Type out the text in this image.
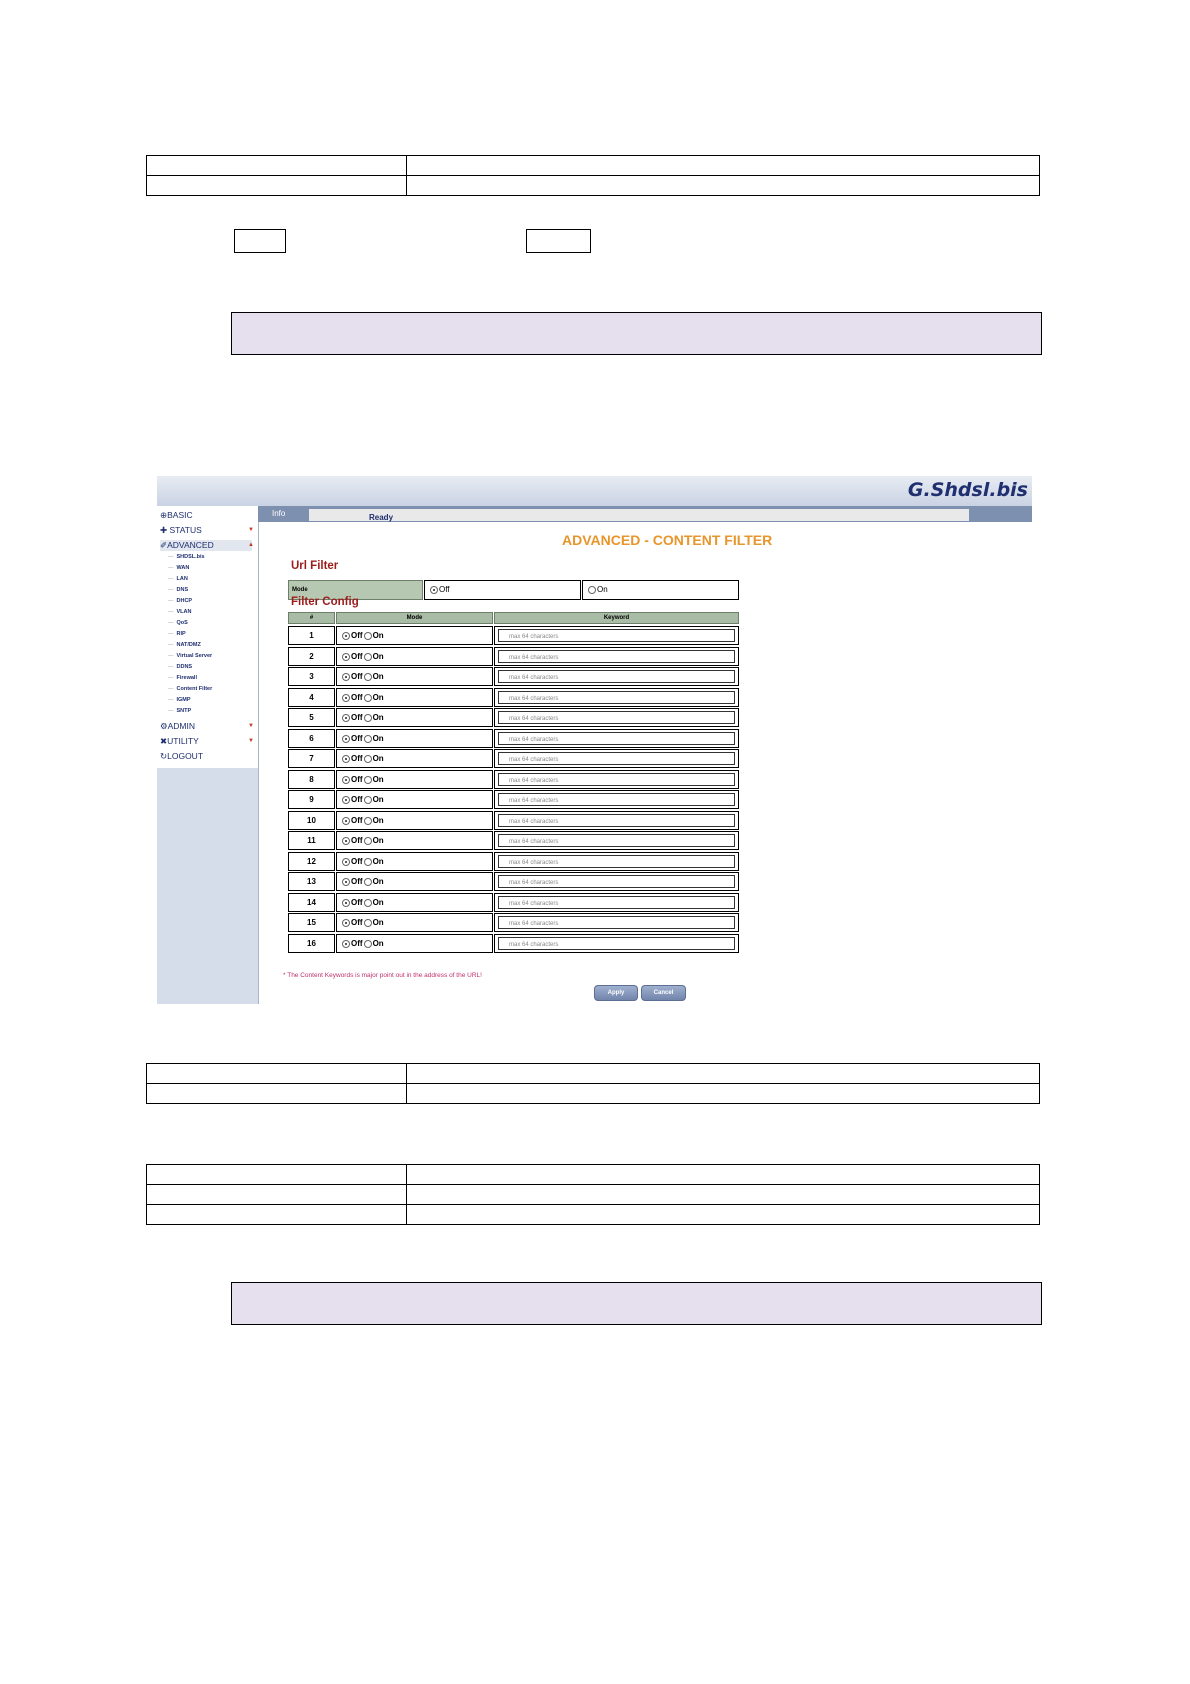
G.Shdsl.bis
⊕BASIC
✚ STATUS	▼
✐ADVANCED	▲
— SHDSL.bis
— WAN
— LAN
— DNS
— DHCP
— VLAN
— QoS
— RIP
— NAT/DMZ
— Virtual Server
— DDNS
— Firewall
— Content Filter
— IGMP
— SNTP
⚙ADMIN	▼
✖UTILITY	▼
↻LOGOUT
Info	Ready
ADVANCED - CONTENT FILTER
Url Filter
Mode	Off	On
Filter Config
#	Mode	Keyword
1	Off On	max 64 characters
2	Off On	max 64 characters
3	Off On	max 64 characters
4	Off On	max 64 characters
5	Off On	max 64 characters
6	Off On	max 64 characters
7	Off On	max 64 characters
8	Off On	max 64 characters
9	Off On	max 64 characters
10	Off On	max 64 characters
11	Off On	max 64 characters
12	Off On	max 64 characters
13	Off On	max 64 characters
14	Off On	max 64 characters
15	Off On	max 64 characters
16	Off On	max 64 characters
* The Content Keywords is major point out in the address of the URL!
Apply	Cancel
